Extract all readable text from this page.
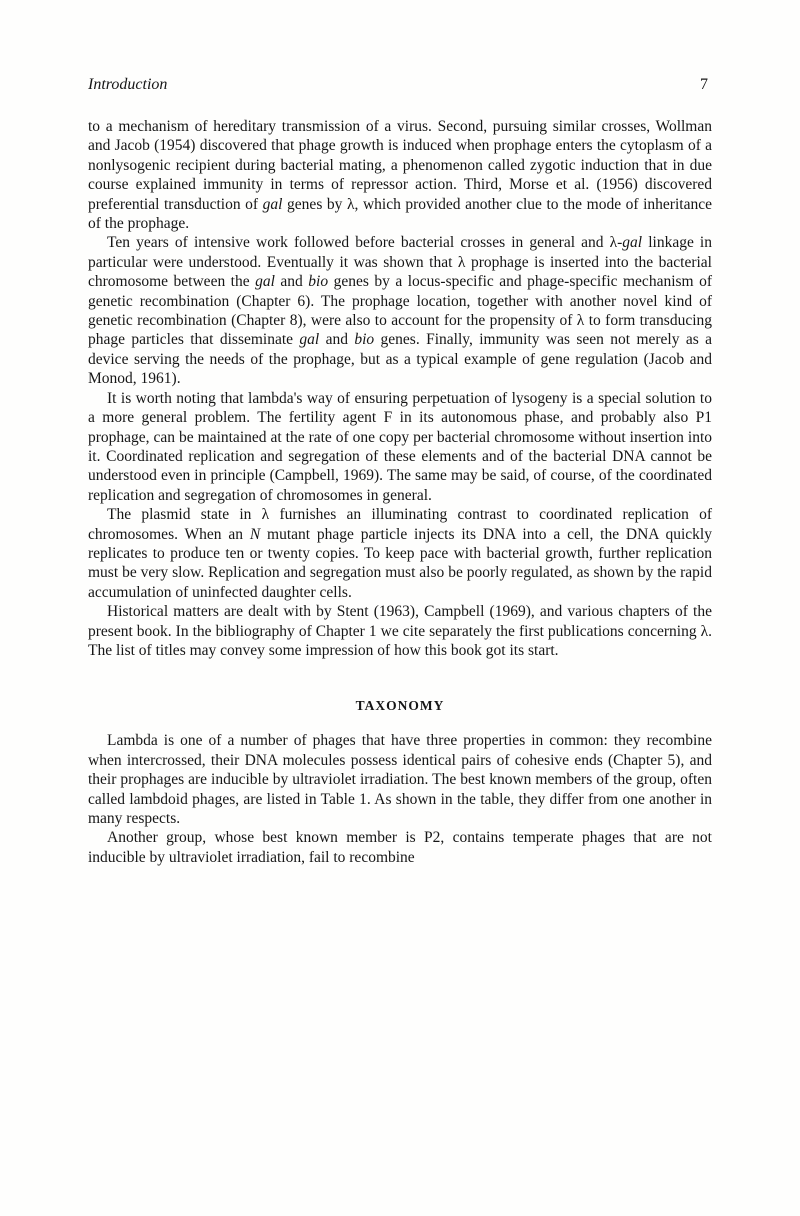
Introduction	7

to a mechanism of hereditary transmission of a virus. Second, pursuing similar crosses, Wollman and Jacob (1954) discovered that phage growth is induced when prophage enters the cytoplasm of a nonlysogenic recipient during bacterial mating, a phenomenon called zygotic induction that in due course explained immunity in terms of repressor action. Third, Morse et al. (1956) discovered preferential transduction of gal genes by λ, which provided another clue to the mode of inheritance of the prophage.

Ten years of intensive work followed before bacterial crosses in general and λ-gal linkage in particular were understood. Eventually it was shown that λ prophage is inserted into the bacterial chromosome between the gal and bio genes by a locus-specific and phage-specific mechanism of genetic recombination (Chapter 6). The prophage location, together with another novel kind of genetic recombination (Chapter 8), were also to account for the propensity of λ to form transducing phage particles that disseminate gal and bio genes. Finally, immunity was seen not merely as a device serving the needs of the prophage, but as a typical example of gene regulation (Jacob and Monod, 1961).

It is worth noting that lambda's way of ensuring perpetuation of lysogeny is a special solution to a more general problem. The fertility agent F in its autonomous phase, and probably also P1 prophage, can be maintained at the rate of one copy per bacterial chromosome without insertion into it. Coordinated replication and segregation of these elements and of the bacterial DNA cannot be understood even in principle (Campbell, 1969). The same may be said, of course, of the coordinated replication and segregation of chromosomes in general.

The plasmid state in λ furnishes an illuminating contrast to coordinated replication of chromosomes. When an N mutant phage particle injects its DNA into a cell, the DNA quickly replicates to produce ten or twenty copies. To keep pace with bacterial growth, further replication must be very slow. Replication and segregation must also be poorly regulated, as shown by the rapid accumulation of uninfected daughter cells.

Historical matters are dealt with by Stent (1963), Campbell (1969), and various chapters of the present book. In the bibliography of Chapter 1 we cite separately the first publications concerning λ. The list of titles may convey some impression of how this book got its start.

TAXONOMY

Lambda is one of a number of phages that have three properties in common: they recombine when intercrossed, their DNA molecules possess identical pairs of cohesive ends (Chapter 5), and their prophages are inducible by ultraviolet irradiation. The best known members of the group, often called lambdoid phages, are listed in Table 1. As shown in the table, they differ from one another in many respects.

Another group, whose best known member is P2, contains temperate phages that are not inducible by ultraviolet irradiation, fail to recombine
